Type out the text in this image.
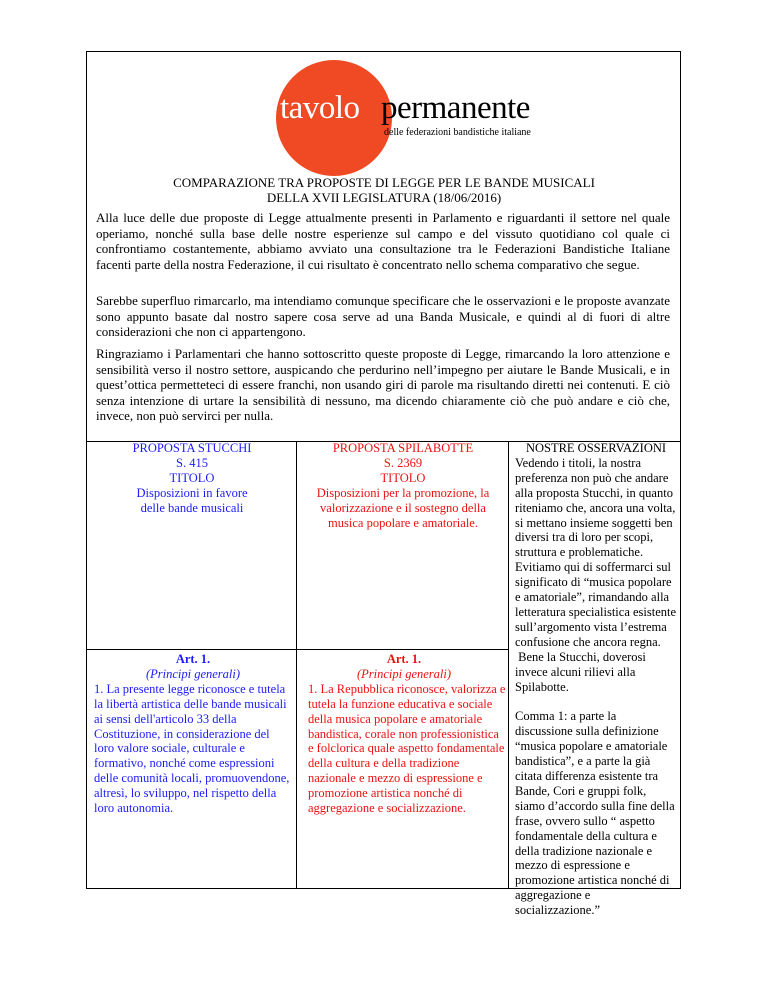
tavolo permanente
delle federazioni bandistiche italiane
COMPARAZIONE TRA PROPOSTE DI LEGGE PER LE BANDE MUSICALI
DELLA XVII LEGISLATURA (18/06/2016)
Alla luce delle due proposte di Legge attualmente presenti in Parlamento e riguardanti il settore nel quale operiamo, nonché sulla base delle nostre esperienze sul campo e del vissuto quotidiano col quale ci confrontiamo costantemente, abbiamo avviato una consultazione tra le Federazioni Bandistiche Italiane facenti parte della nostra Federazione, il cui risultato è concentrato nello schema comparativo che segue.
Sarebbe superfluo rimarcarlo, ma intendiamo comunque specificare che le osservazioni e le proposte avanzate sono appunto basate dal nostro sapere cosa serve ad una Banda Musicale, e quindi al di fuori di altre considerazioni che non ci appartengono.
Ringraziamo i Parlamentari che hanno sottoscritto queste proposte di Legge, rimarcando la loro attenzione e sensibilità verso il nostro settore, auspicando che perdurino nell’impegno per aiutare le Bande Musicali, e in quest’ottica permetteteci di essere franchi, non usando giri di parole ma risultando diretti nei contenuti. E ciò senza intenzione di urtare la sensibilità di nessuno, ma dicendo chiaramente ciò che può andare e ciò che, invece, non può servirci per nulla.
PROPOSTA STUCCHI
S. 415
TITOLO
Disposizioni in favore delle bande musicali
PROPOSTA SPILABOTTE
S. 2369
TITOLO
Disposizioni per la promozione, la valorizzazione e il sostegno della musica popolare e amatoriale.
Art. 1.
(Principi generali)
1. La presente legge riconosce e tutela la libertà artistica delle bande musicali ai sensi dell'articolo 33 della Costituzione, in considerazione del loro valore sociale, culturale e formativo, nonché come espressioni delle comunità locali, promuovendone, altresì, lo sviluppo, nel rispetto della loro autonomia.
Art. 1.
(Principi generali)
1. La Repubblica riconosce, valorizza e tutela la funzione educativa e sociale della musica popolare e amatoriale bandistica, corale non professionistica e folclorica quale aspetto fondamentale della cultura e della tradizione nazionale e mezzo di espressione e promozione artistica nonché di aggregazione e socializzazione.
NOSTRE OSSERVAZIONI
Vedendo i titoli, la nostra preferenza non può che andare alla proposta Stucchi, in quanto riteniamo che, ancora una volta, si mettano insieme soggetti ben diversi tra di loro per scopi, struttura e problematiche. Evitiamo qui di soffermarci sul significato di “musica popolare e amatoriale”, rimandando alla letteratura specialistica esistente sull’argomento vista l’estrema confusione che ancora regna.
Bene la Stucchi, doverosi invece alcuni rilievi alla Spilabotte.
Comma 1: a parte la discussione sulla definizione “musica popolare e amatoriale bandistica”, e a parte la già citata differenza esistente tra Bande, Cori e gruppi folk, siamo d’accordo sulla fine della frase, ovvero sullo “ aspetto fondamentale della cultura e della tradizione nazionale e mezzo di espressione e promozione artistica nonché di aggregazione e socializzazione.”
